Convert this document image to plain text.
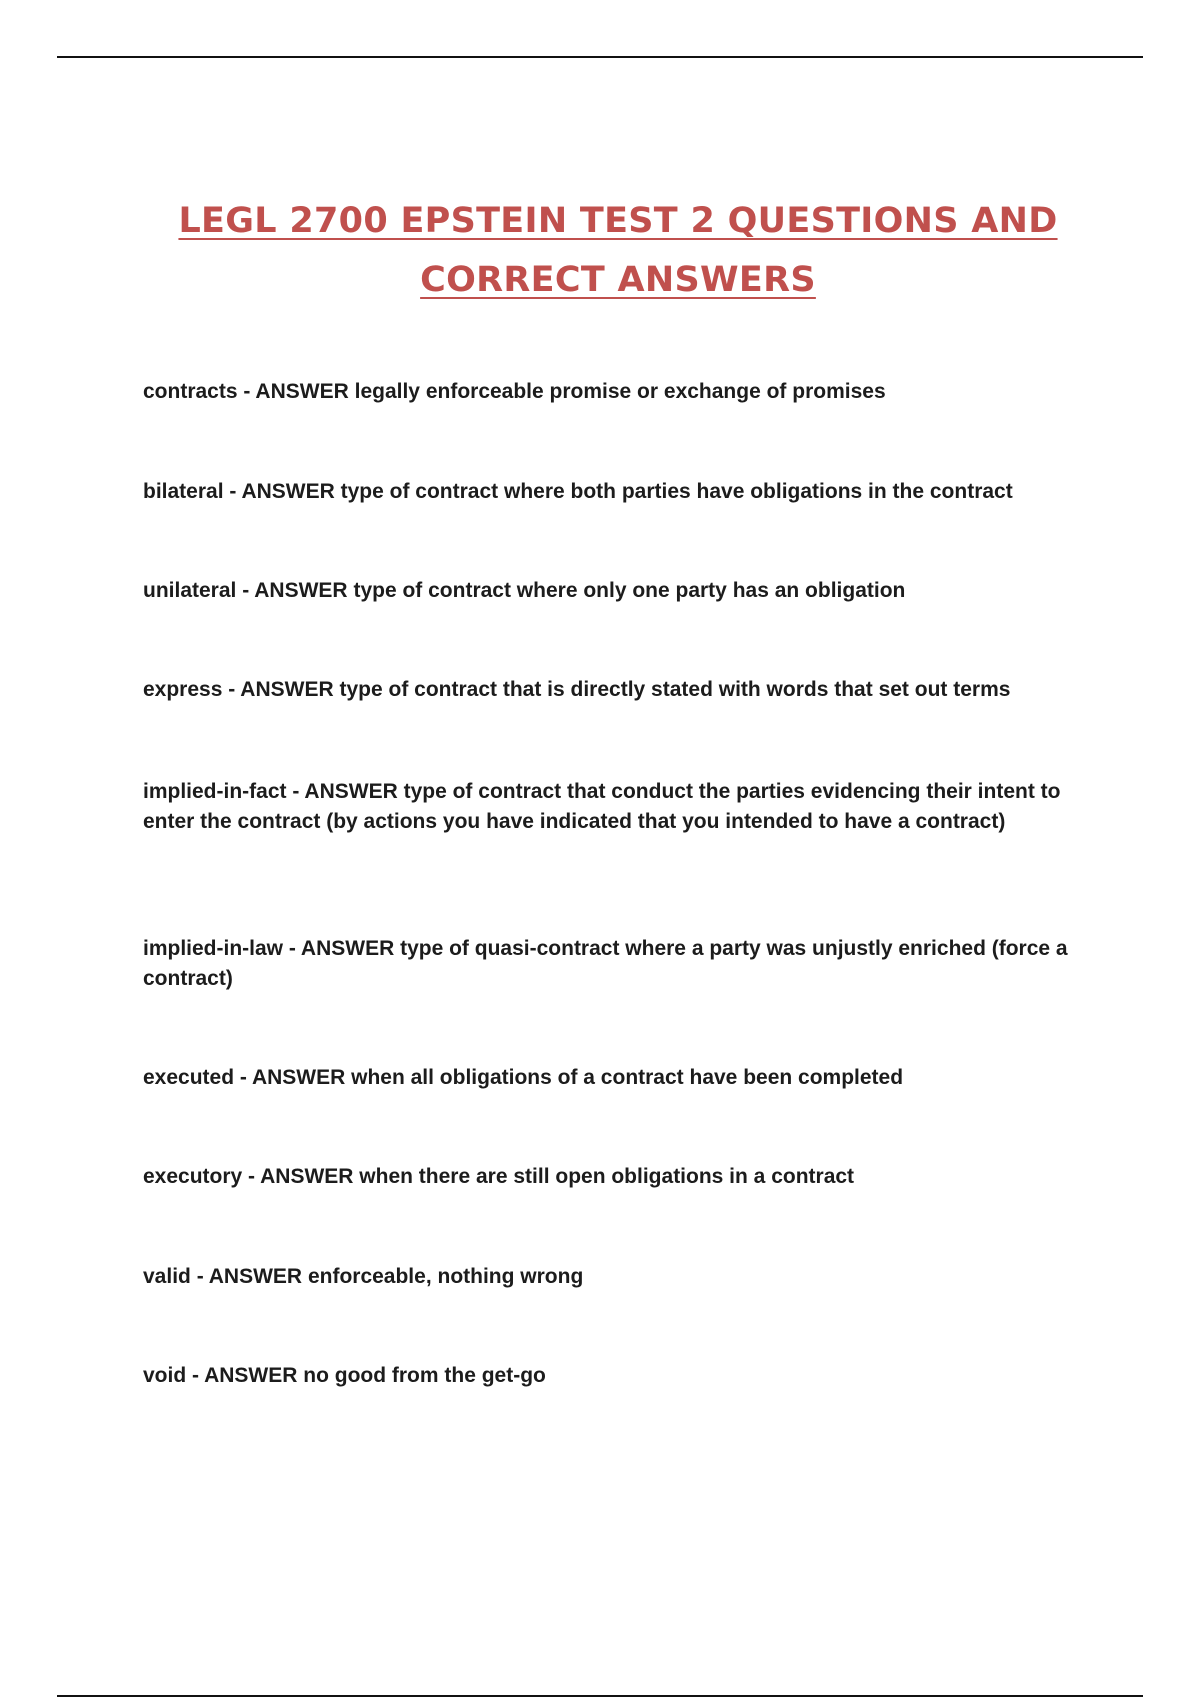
LEGL 2700 EPSTEIN TEST 2 QUESTIONS AND
CORRECT ANSWERS
contracts - ANSWER legally enforceable promise or exchange of promises
bilateral - ANSWER type of contract where both parties have obligations in the contract
unilateral - ANSWER type of contract where only one party has an obligation
express - ANSWER type of contract that is directly stated with words that set out terms
implied-in-fact - ANSWER type of contract that conduct the parties evidencing their intent to enter the contract (by actions you have indicated that you intended to have a contract)
implied-in-law - ANSWER type of quasi-contract where a party was unjustly enriched (force a contract)
executed - ANSWER when all obligations of a contract have been completed
executory - ANSWER when there are still open obligations in a contract
valid - ANSWER enforceable, nothing wrong
void - ANSWER no good from the get-go
